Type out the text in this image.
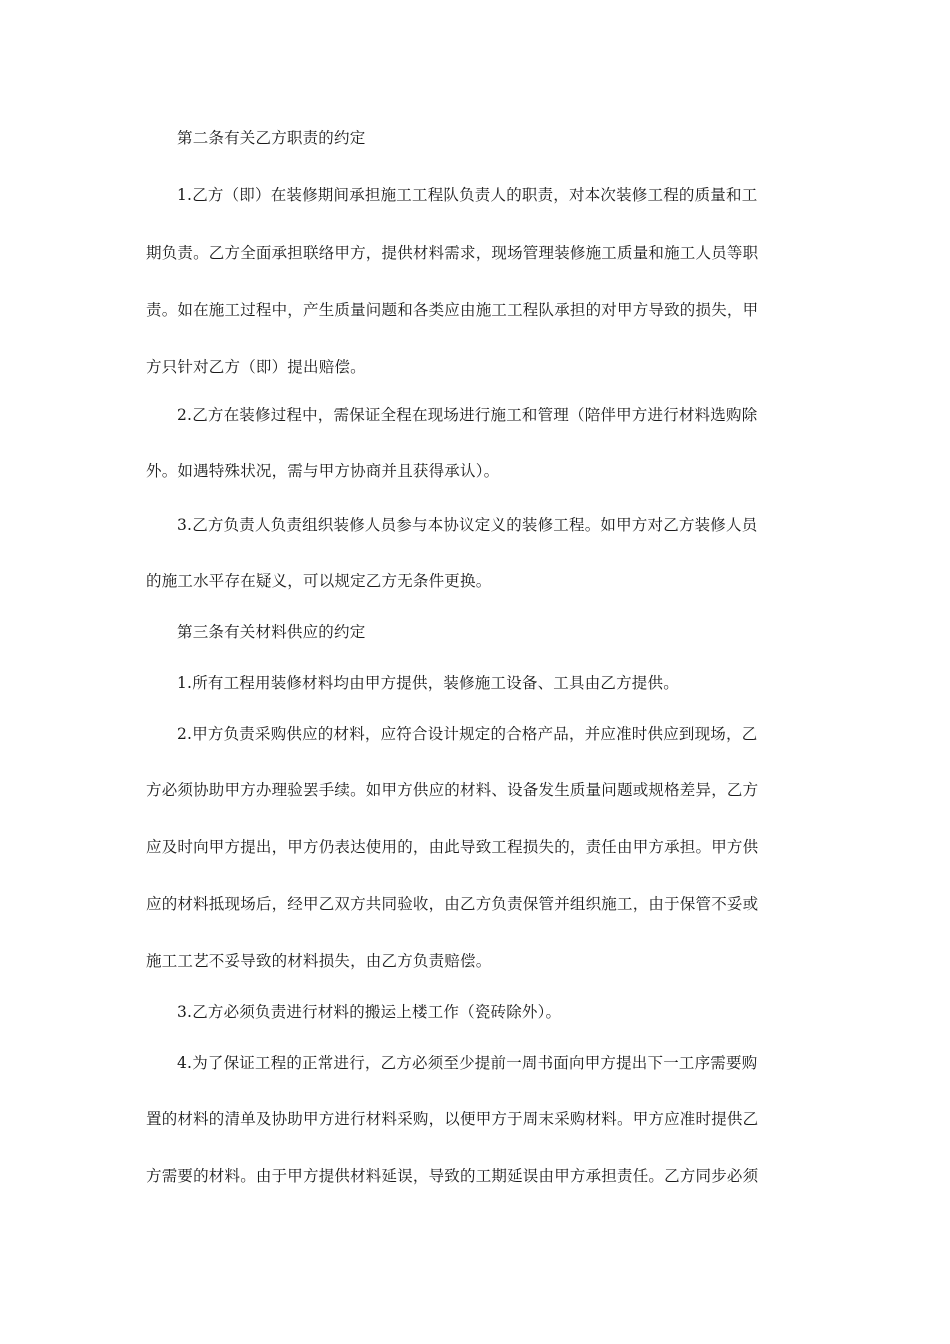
第二条有关乙方职责的约定
1.乙方（即）在装修期间承担施工工程队负责人的职责，对本次装修工程的质量和工
期负责。乙方全面承担联络甲方，提供材料需求，现场管理装修施工质量和施工人员等职
责。如在施工过程中，产生质量问题和各类应由施工工程队承担的对甲方导致的损失，甲
方只针对乙方（即）提出赔偿。
2.乙方在装修过程中，需保证全程在现场进行施工和管理（陪伴甲方进行材料选购除
外。如遇特殊状况，需与甲方协商并且获得承认）。
3.乙方负责人负责组织装修人员参与本协议定义的装修工程。如甲方对乙方装修人员
的施工水平存在疑义，可以规定乙方无条件更换。
第三条有关材料供应的约定
1.所有工程用装修材料均由甲方提供，装修施工设备、工具由乙方提供。
2.甲方负责采购供应的材料，应符合设计规定的合格产品，并应准时供应到现场，乙
方必须协助甲方办理验罢手续。如甲方供应的材料、设备发生质量问题或规格差异，乙方
应及时向甲方提出，甲方仍表达使用的，由此导致工程损失的，责任由甲方承担。甲方供
应的材料抵现场后，经甲乙双方共同验收，由乙方负责保管并组织施工，由于保管不妥或
施工工艺不妥导致的材料损失，由乙方负责赔偿。
3.乙方必须负责进行材料的搬运上楼工作（瓷砖除外）。
4.为了保证工程的正常进行，乙方必须至少提前一周书面向甲方提出下一工序需要购
置的材料的清单及协助甲方进行材料采购，以便甲方于周末采购材料。甲方应准时提供乙
方需要的材料。由于甲方提供材料延误，导致的工期延误由甲方承担责任。乙方同步必须
